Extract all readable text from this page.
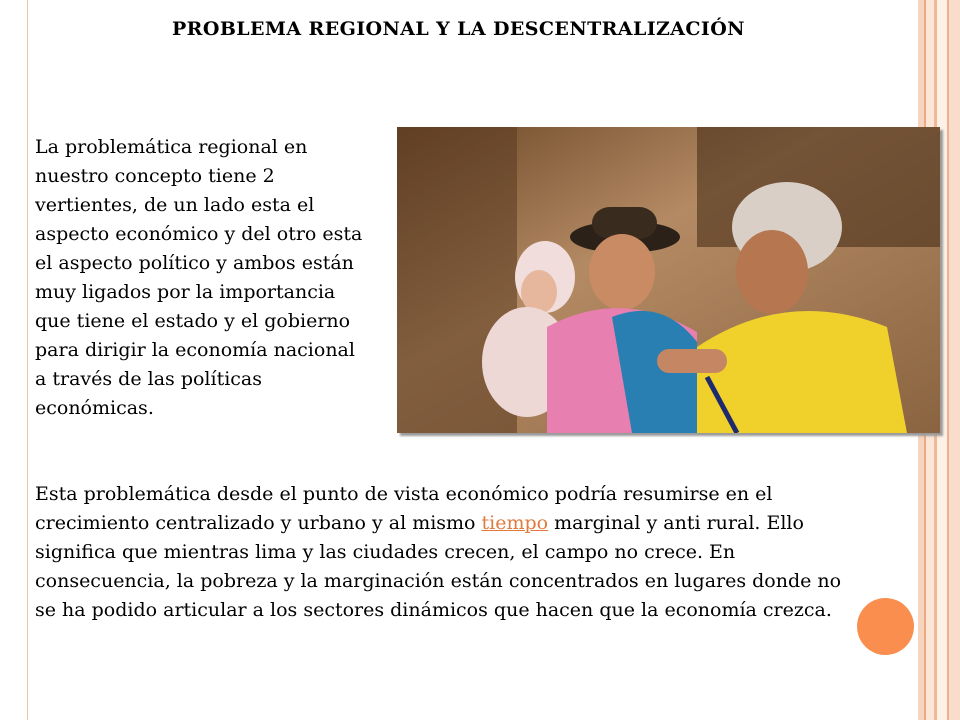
PROBLEMA REGIONAL Y LA DESCENTRALIZACIÓN
La problemática regional en nuestro concepto tiene 2 vertientes, de un lado esta el aspecto económico y del otro esta el aspecto político y ambos están muy ligados por la importancia que tiene el estado y el gobierno para dirigir la economía nacional a través de las políticas económicas.
Esta problemática desde el punto de vista económico podría resumirse en el crecimiento centralizado y urbano y al mismo tiempo marginal y anti rural. Ello significa que mientras lima y las ciudades crecen, el campo no crece. En consecuencia, la pobreza y la marginación están concentrados en lugares donde no se ha podido articular a los sectores dinámicos que hacen que la economía crezca.
